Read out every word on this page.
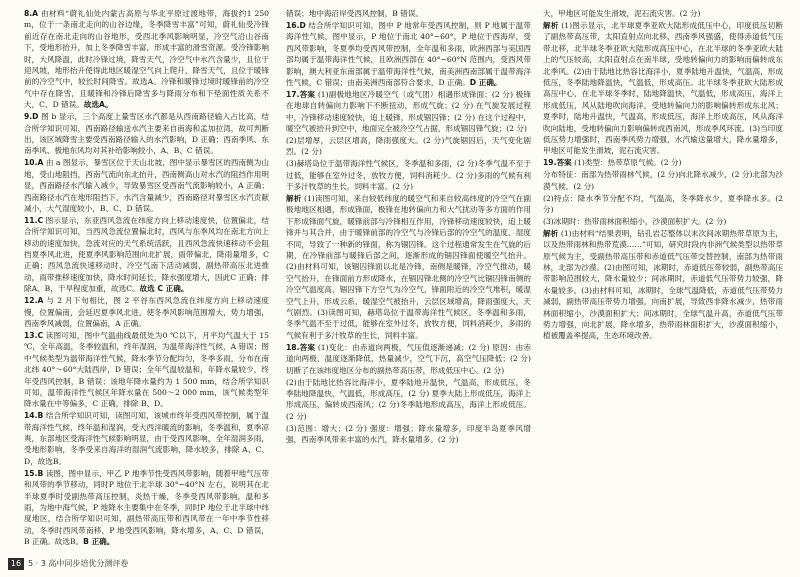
8.A 由材料“蔚礼仙处内蒙古高原与华北平原过渡地带，海拔约1 250 m，位于一条南北走向的山谷边缘，冬季降雪丰富”可知，蔚礼仙受冷锋前近存在南北走向的山谷地形，受西北季风影响明显，冷空气沿山谷南下，受地形抬升，加上冬季降雪丰富，形成丰富的滑雪资源。受冷锋影响时，大风降温，此时冷锋过境，降雪天气，冷空气中水汽含量少，且位于迎风坡，地形抬升使得此地区暖湿空气向上爬升，降雪天气，且位于暖锋前的冷空气中，较长时间降雪。故选A。冷锋和暖锋过境时暖锋前的冷空气中存在降雪，且暖锋和冷锋后降雪多与降雨分布和下垫面性质关系不大，C、D 错误。故选A。

9.D 图 b 显示，三个高度上量雪区水汽都是从西南路径输入占比高，结合所学知识可知，西南路径输送水汽主要来自南海和孟加拉湾，故可判断出，该区域降雪主要受西南路径输入的水汽影响，D 正确；西南季风、东南季风、极地东风均对其补给影响较小，A、B、C 错误。

10.A 由 a 图显示，暴雪区位于天山北坡，图中显示暴雪区的西南侧为山地，受山地阻挡，西南气流向东北抬升，西南侧高山对水汽的阻挡作用明显，西南路径水汽输入减少，导致暴雪区受西南气流影响较小，A 正确；西南路径水汽在地形阻挡下，水汽含量减少，西南路径对暴雪区水汽贡献减小，大气湿度较小，B、C、D 错误。

11.C 图示显示，东亚西风急流在纬度方向上移动速度快，位置偏北，结合所学知识可知，当西风急流位置偏北时，西风与东季风均在南北方向上移动的速度加快，急流对应的天气系统活跃，且西风急流快速移动不会阻挡夏季风北进，使夏季风影响范围向北扩展，雨带偏北，降雨量增多，C 正确；西风急流快速移动时，冷空气南下活动减弱，副热带高压北进推动，雨带推移速度加快，降水时间延长，降水强度增大，因此C 正确；排除A、B，干旱程度加重，故选C。故选 C 正确。

12.A 与 2 月下旬相比，图 2 平谷东西风急流在纬度方向上移动速度慢，位置偏南，会延迟夏季风北进，使冬季风影响范围增大，势力增强，西南季风减弱，位置偏南，A 正确。

13.C 读图可知，图中气温曲线最低处为0 ℃以下，月平均气温大于 15 ℃，全年高温，冬季较温和，终年湿润，为温带海洋性气候，A 错误；图中气候类型为温带海洋性气候，降水季节分配均匀，冬季多雨，分布在南北纬 40°～60°大陆西岸，D 错误；全年气温较温和，年降水量较少，终年受西风控制，B 错误；该地年降水量约为 1 500 mm，结合所学知识可知，温带海洋性气候区年降水量在 500～2 000 mm，该气候类型年降水量在中等偏多，C 正确，排除 B、D。

14.B 结合所学知识可知，读图可知，该城市终年受西风带控制，属于温带海洋性气候，终年温和湿润，受大西洋暖流的影响，冬季温和，夏季凉爽，东部地区受海洋性气候影响明显，由于受西风影响，全年湿润多雨，受地形影响，冬季受来自海洋的湿润气流影响，降水较多，排除 A、C、D，故选B。

15.B 读图，图中显示，甲乙 P 地季节性受西风带影响，随着甲地气压带和风带的季节移动，同时P 地位于北半球 30°~40°N 左右，说明其在北半球夏季时受副热带高压控制，炎热干燥，冬季受西风带影响，温和多雨，为地中海气候，P 地降水主要集中在冬季，同时P 地位于北半球中纬度地区，结合所学知识可知，副热带高压带和西风带在一年中季节性移动，冬季时西风带南移，P 地受西风影响，降水增多，A、C、D 错误，B 正确。故选B。B 正确。

错误；地中海沿岸受西风控制，B 错误。

16.D 结合所学知识可知，图中 P 地常年受西风控制，则 P 地属于温带海洋性气候，图中显示，P 地位于南北 40°~60°，P 地位于西海岸，受西风带影响，冬夏季均受西风带控制，全年温和多雨，欧洲西部与美国西部均属于温带海洋性气候，且欧洲西部在 40°~60°N 范围内，受西风带影响，澳大利亚东南部属于温带海洋性气候，南美洲西南部属于温带海洋性气候，C 错误；由南美洲西南部符合要求，D 正确。D 正确。

17.答案 (1)副极地地区冷暖空气（或气团）相遇形成锋面；(2 分) 极锋在地球自转偏向力影响下不断扭动，形成气旋；(2 分) 在气旋发展过程中，冷锋移动速度较快，追上暖锋，形成锢囚锋；(2 分) 在这个过程中，暖空气被抬升到空中，地面完全被冷空气占据，形成锢囚锋气旋；(2 分)

(2)层增厚，云层区增高，降雨强度大。(2 分)气旋锢囚后，天气变化剧烈。(2 分)

(3)赫塔岛位于温带海洋性气候区，冬季温和多雨，(2 分)冬季气温不至于过低，能够在室外过冬，放牧方便，饲料消耗少。(2 分)多雨的气候有利于多汁牧草的生长，饲料丰富。(2 分)

解析 (1)读图可知，来自较低纬度的暖空气和来自较高纬度的冷空气在副极地地区相遇，形成锋面，极锋在地转偏向力和大气扰动等多方面的作用下形成锋面气旋，暖锋前部与冷锋相互作用，冷锋移动速度较快，追上暖锋并与其合并，由于暖锋前部的冷空气与冷锋后部的冷空气的温度、湿度不同，导致了一种新的锋面，称为锢囚锋。这个过程通常发生在气旋的后期，在冷锋前部与暖锋后部之间，逐渐形成的锢囚锋面使暖空气抬升。(2)由材料可知，该锢囚锋面以北是冷锋，南侧是暖锋，冷空气推动，暖空气抬升，在锋面前方形成降水，在锢囚锋北侧的冷空气比锢囚锋南侧的冷空气温度高，锢囚锋下方空气为冷空气，锋面附近的冷空气堆积，暖湿空气上升，形成云系，暖湿空气被抬升，云层区域增高，降雨强度大，天气剧烈。(3)读图可知，赫塔岛位于温带海洋性气候区，冬季温和多雨，冬季气温不至于过低，能够在室外过冬，放牧方便，饲料消耗少，多雨的气候有利于多汁牧草的生长，饲料丰富。

18.答案 (1)变化：由赤道向两极，气压值逐渐递减；(2 分) 原因：由赤道向两极，温度逐渐降低，热量减少，空气下沉，高空气压降低；(2 分)切断了在该纬度地区分布的副热带高压带，形成低压中心。(2 分)

(2)由于陆地比热容比海洋小，夏季陆地升温快，气温高，形成低压，冬季陆地降温快，气温低，形成高压，(2 分) 夏季大陆上形成低压，海洋上形成高压，偏转成西南风；(2 分)冬季陆地形成高压，海洋上形成低压。(2 分)

(3)范围：增大；(2 分) 强度：增强；降水量增多，印度半岛夏季风增强，西南季风带来丰富的水汽，降水量增多。(2 分)

大，甲地区可能发生滑坡，泥石流灾害。(2 分)

解析 (1)图示显示，北半球夏季亚欧大陆形成低压中心，印度低压切断了副热带高压带，太阳直射点向北移，西南季风强盛，使得赤道低气压带北移，北半球冬季亚欧大陆形成高压中心，在北半球的冬季亚欧大陆上的气压较高，太阳直射点在南半球，受地转偏向力的影响而偏转成东北季风。(2)由于陆地比热容比海洋小，夏季陆地升温快，气温高，形成低压，冬季陆地降温快，气温低，形成高压。北半球冬季亚欧大陆形成高压中心，在北半球冬季时，陆地降温快，气温低，形成高压，海洋上形成低压，风从陆地吹向海洋，受地转偏向力的影响偏转形成东北风；夏季时，陆地升温快，气温高，形成低压，海洋上形成高压，风从海洋吹向陆地，受地转偏向力影响偏转成西南风，形成季风环流。(3)当印度低压势力增强时，西南季风势力增强，水汽输送量增大，降水量增多，甲地区可能发生滑坡，泥石流灾害。

19.答案 (1)类型：热带草原气候。(2 分)

分布特征：南部为热带雨林气候，(2 分)向北降水减少，(2 分)北部为沙漠气候。(2 分)

(2)特点：降水季节分配不均，气温高，冬季降水少，夏季降水多。(2 分)

(3)冰期时：热带雨林面积缩小，沙漠面积扩大。(2 分)

解析 (1)由材料“结果表明，钻孔岩芯整体以末次间冰期热带草原为主，以及热带雨林和热带荒漠……”可知，研究时段内非洲气候类型以热带草原气候为主，受副热带高压带和赤道低气压带交替控制，南部为热带雨林，北部为沙漠。(2)由图可知，冰期时，赤道低压带较弱，副热带高压带影响范围较大，降水量较少；间冰期时，赤道低气压带势力较强，降水量较多。(3)由材料可知，冰期时，全球气温降低，赤道低气压带势力减弱，副热带高压带势力增强，向南扩展，导致西非降水减少，热带雨林面积缩小，沙漠面积扩大；间冰期时，全球气温升高，赤道低气压带势力增强，向北扩展，降水增多，热带雨林面积扩大，沙漠面积缩小，植被覆盖率提高，生态环境改善。

16 5 · 3 高中同步培优分测评卷
